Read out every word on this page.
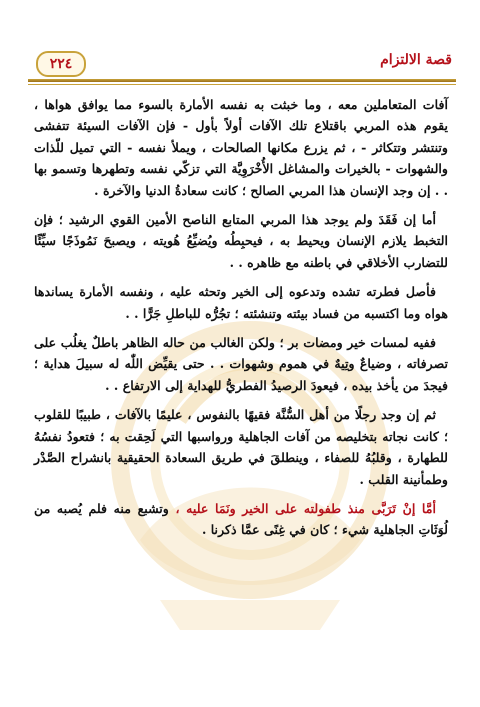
قصة الالتزام
٢٢٤

آفات المتعاملين معه ، وما خبثت به نفسه الأمارة بالسوء مما يوافق هواها ، يقوم هذه المربي باقتلاع تلك الآفات أولاً بأول - فإن الآفات السيئة تتفشى وتنتشر وتتكاثر - ، ثم يزرع مكانها الصالحات ، ويملأ نفسه - التي تميل للّذات والشهوات - بالخيرات والمشاغل الأُخْرَوِيَّة التي تزكّي نفسه وتطهرها وتسمو بها . . إن وجد الإنسان هذا المربي الصالح ؛ كانت سعادةُ الدنيا والآخرة .

أما إن فَقَدَ ولم يوجد هذا المربي المتابع الناصح الأمين القوي الرشيد ؛ فإن التخبط يلازم الإنسان ويحيط به ، فيحبِطُه ويُضيِّعُ هُويته ، ويصبحَ نَمُوذَجًا سيِّئًا للتضارب الأخلاقي في باطنه مع ظاهره . .

فأصل فطرته تشده وتدعوه إلى الخير وتحثه عليه ، ونفسه الأمارة يساندها هواه وما اكتسبه من فساد بيئته وتنشئته ؛ تجُرُّه للباطلِ جَرًّا . .

ففيه لمسات خير ومضات بر ؛ ولكن الغالب من حاله الظاهر باطلٌ يغلُب على تصرفاته ، وضياعٌ وتِيهٌ في هموم وشهوات . . حتى يقيِّض اللّٰه له سبيلَ هداية ؛ فيجدَ من يأخذ بيده ، فيعودَ الرصيدُ الفطريُّ للهداية إلى الارتفاع . .

ثم إن وجد رجلًا من أهل السُّنَّة فقيهًا بالنفوس ، عليمًا بالآفات ، طبيبًا للقلوب ؛ كانت نجاته بتخليصه من آفات الجاهلية ورواسبها التي لَحِقت به ؛ فتعودُ نفسُهُ للطهارة ، وقلبُهُ للصفاء ، وينطلقَ في طريق السعادة الحقيقية بانشراح الصَّدْر وطمأنينة القلب .

أمَّا إنْ تَرَبَّى منذ طفولته على الخير ونَمَا عليه ، وتشبع منه فلم يُصبه من لُوَثَاتِ الجاهلية شيء ؛ كان في غِنًى عمَّا ذكرنا .
